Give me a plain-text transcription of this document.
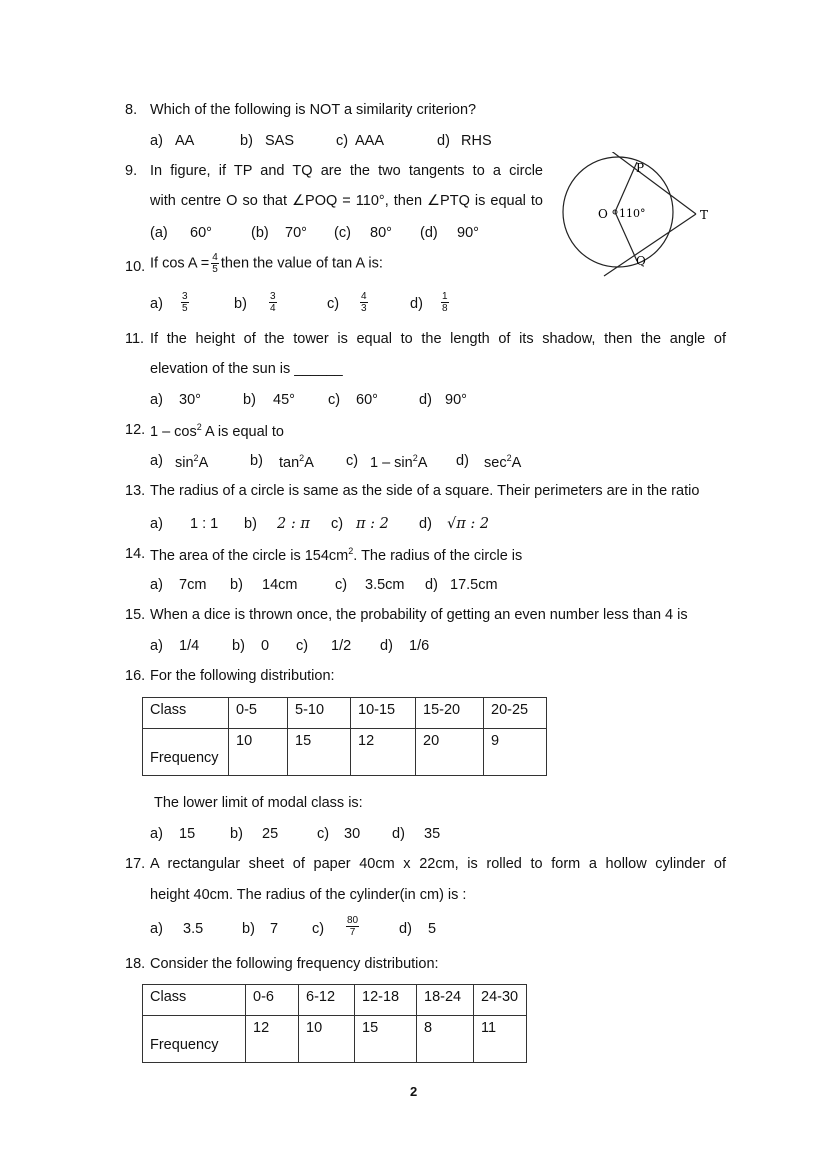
8. Which of the following is NOT a similarity criterion?
a) AA	b) SAS	c) AAA	d) RHS
9. In figure, if TP and TQ are the two tangents to a circle
with centre O so that ∠POQ = 110°, then ∠PTQ is equal to
(a) 60°	(b) 70° (c) 80° (d) 90°
P
Q
O	T
110°
10. If $\cos A = \frac{4}{5}$ then the value of tan A is:
$a) \frac{3}{5}$	$b) \frac{3}{4}$	$c) \frac{4}{3}$	$d) \frac{1}{8}$
11. If the height of the tower is equal to the length of its shadow, then the angle of
elevation of the sun is ______
a) 30°	b) 45° c) 60°	d) 90°
12. $1 - \cos^2 A$ is equal to
a) $\sin^2A$	b) $\tan^2A$ c) $1 - \sin^2A$ d) $\sec^2A$
13. The radius of a circle is same as the side of a square. Their perimeters are in the ratio
a) 1 : 1 b) 2 : π c) π : 2 d) √π : 2
14. The area of the circle is $154cm^2$. The radius of the circle is
a) 7cm b) 14cm	c) 3.5cm d) 17.5cm
15. When a dice is thrown once, the probability of getting an even number less than 4 is
a) 1/4 b) 0 c) 1/2 d) 1/6
16. For the following distribution:
Class	0-5	5-10	10-15	15-20	20-25
Frequency	10	15	12	20	9
The lower limit of modal class is:
a) 15 b) 25	c) 30 d) 35
17. A rectangular sheet of paper 40cm x 22cm, is rolled to form a hollow cylinder of
height 40cm. The radius of the cylinder(in cm) is :
a) 3.5	b) 7 $c) \frac{80}{7}$	d) 5
18. Consider the following frequency distribution:
Class	0-6	6-12	12-18	18-24	24-30
Frequency	12	10	15	8	11
2
